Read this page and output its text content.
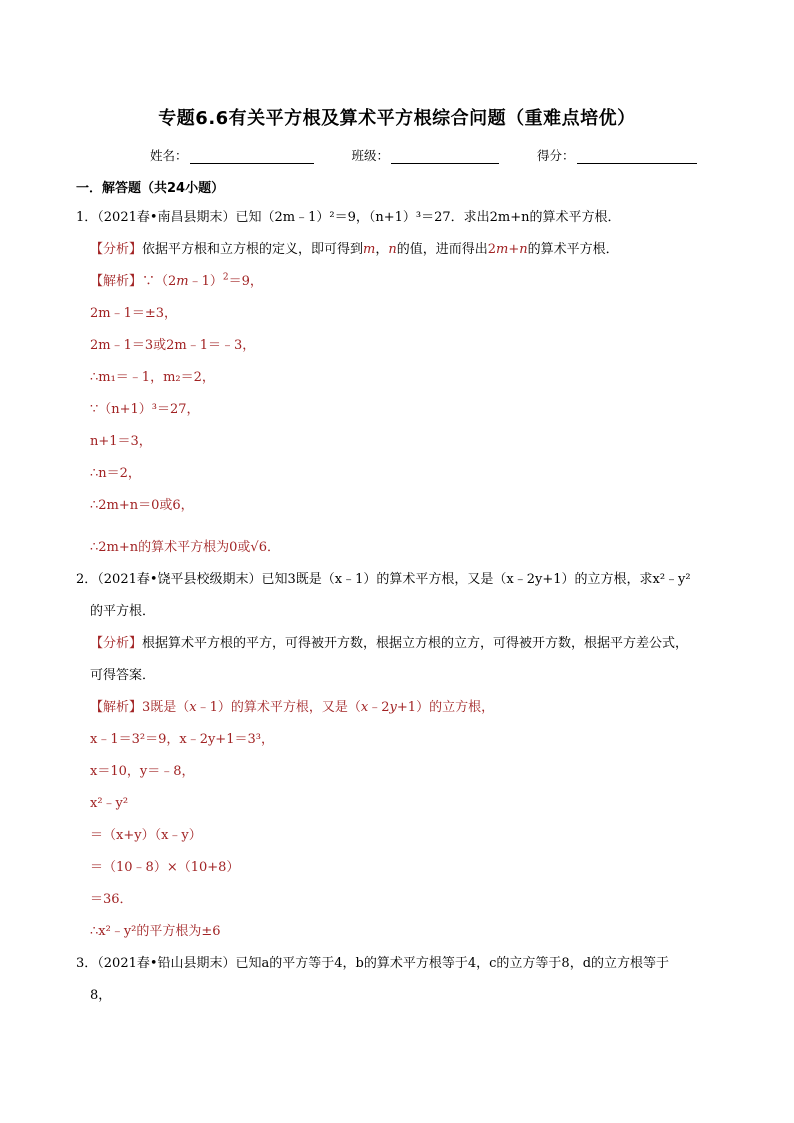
专题6.6有关平方根及算术平方根综合问题（重难点培优）
姓名：	班级：	得分：
一．解答题（共24小题）
1．（2021春•南昌县期末）已知（2m﹣1）²＝9，（n+1）³＝27．求出2m+n的算术平方根．
【分析】依据平方根和立方根的定义，即可得到m，n的值，进而得出2m+n的算术平方根．
【解析】∵（2m﹣1）$^2$＝9，
2m﹣1＝±3，
2m﹣1＝3或2m﹣1＝﹣3，
∴m₁＝﹣1，m₂＝2，
∵（n+1）³＝27，
n+1＝3，
∴n＝2，
∴2m+n＝0或6，
∴2m+n的算术平方根为0或√6．
2．（2021春•饶平县校级期末）已知3既是（x﹣1）的算术平方根，又是（x﹣2y+1）的立方根，求x²﹣y²
的平方根．
【分析】根据算术平方根的平方，可得被开方数，根据立方根的立方，可得被开方数，根据平方差公式，
可得答案．
【解析】3既是（x﹣1）的算术平方根，又是（x﹣2y+1）的立方根，
x﹣1＝3²＝9，x﹣2y+1＝3³，
x＝10，y＝﹣8，
x²﹣y²
＝（x+y）（x﹣y）
＝（10﹣8）×（10+8）
＝36．
∴x²﹣y²的平方根为±6
3．（2021春•铅山县期末）已知a的平方等于4，b的算术平方根等于4，c的立方等于8，d的立方根等于
8，
